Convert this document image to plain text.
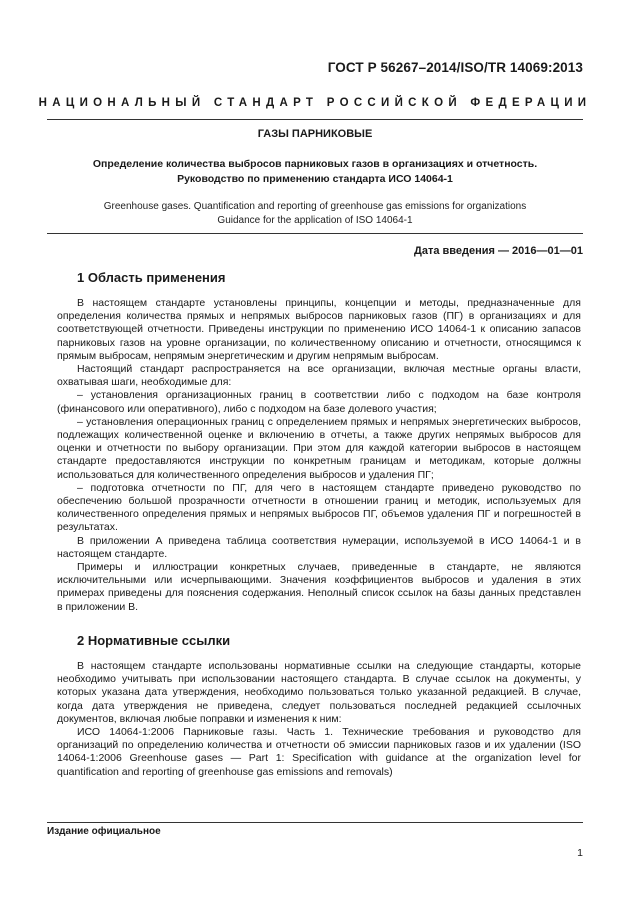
ГОСТ Р 56267–2014/ISO/TR 14069:2013
НАЦИОНАЛЬНЫЙ СТАНДАРТ РОССИЙСКОЙ ФЕДЕРАЦИИ
ГАЗЫ ПАРНИКОВЫЕ
Определение количества выбросов парниковых газов в организациях и отчетность.
Руководство по применению стандарта ИСО 14064-1
Greenhouse gases. Quantification and reporting of greenhouse gas emissions for organizations
Guidance for the application of ISO 14064-1
Дата введения — 2016—01—01
1 Область применения

В настоящем стандарте установлены принципы, концепции и методы, предназначенные для определения количества прямых и непрямых выбросов парниковых газов (ПГ) в организациях и для соответствующей отчетности. Приведены инструкции по применению ИСО 14064-1 к описанию запасов парниковых газов на уровне организации, по количественному описанию и отчетности, относящимся к прямым выбросам, непрямым энергетическим и другим непрямым выбросам.

Настоящий стандарт распространяется на все организации, включая местные органы власти, охватывая шаги, необходимые для:

– установления организационных границ в соответствии либо с подходом на базе контроля (финансового или оперативного), либо с подходом на базе долевого участия;

– установления операционных границ с определением прямых и непрямых энергетических выбросов, подлежащих количественной оценке и включению в отчеты, а также других непрямых выбросов для оценки и отчетности по выбору организации. При этом для каждой категории выбросов в настоящем стандарте предоставляются инструкции по конкретным границам и методикам, которые должны использоваться для количественного определения выбросов и удаления ПГ;

– подготовка отчетности по ПГ, для чего в настоящем стандарте приведено руководство по обеспечению большой прозрачности отчетности в отношении границ и методик, используемых для количественного определения прямых и непрямых выбросов ПГ, объемов удаления ПГ и погрешностей в результатах.

В приложении А приведена таблица соответствия нумерации, используемой в ИСО 14064-1 и в настоящем стандарте.

Примеры и иллюстрации конкретных случаев, приведенные в стандарте, не являются исключительными или исчерпывающими. Значения коэффициентов выбросов и удаления в этих примерах приведены для пояснения содержания. Неполный список ссылок на базы данных представлен в приложении В.

2 Нормативные ссылки

В настоящем стандарте использованы нормативные ссылки на следующие стандарты, которые необходимо учитывать при использовании настоящего стандарта. В случае ссылок на документы, у которых указана дата утверждения, необходимо пользоваться только указанной редакцией. В случае, когда дата утверждения не приведена, следует пользоваться последней редакцией ссылочных документов, включая любые поправки и изменения к ним:

ИСО 14064-1:2006 Парниковые газы. Часть 1. Технические требования и руководство для организаций по определению количества и отчетности об эмиссии парниковых газов и их удалении (ISO 14064-1:2006 Greenhouse gases — Part 1: Specification with guidance at the organization level for quantification and reporting of greenhouse gas emissions and removals)

Издание официальное
1
